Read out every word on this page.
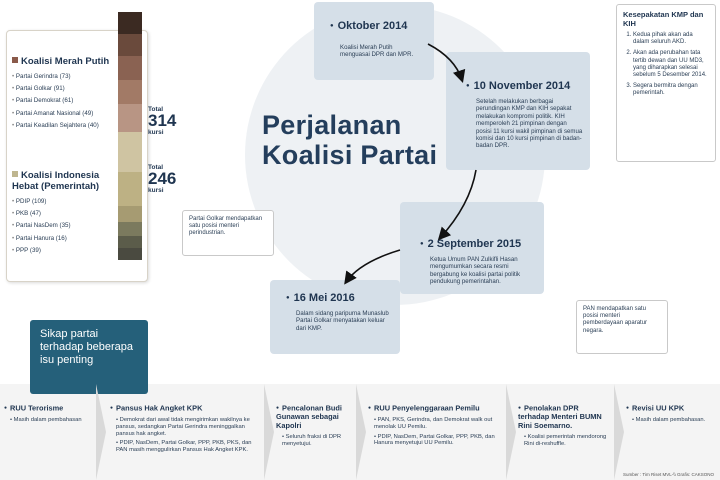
Koalisi Merah Putih
• Partai Gerindra (73)
• Partai Golkar (91)
• Partai Demokrat (61)
• Partai Amanat Nasional (49)
• Partai Keadilan Sejahtera (40)
Koalisi Indonesia Hebat (Pemerintah)
• PDIP (109)
• PKB (47)
• Partai NasDem (35)
• Partai Hanura (16)
• PPP (39)
Total
314
kursi
Total
246
kursi
Perjalanan
Koalisi Partai
● Oktober 2014
Koalisi Merah Putih menguasai DPR dan MPR.
● 10 November 2014
Setelah melakukan berbagai perundingan KMP dan KIH sepakat melakukan kompromi politik. KIH memperoleh 21 pimpinan dengan posisi 11 kursi wakil pimpinan di semua komisi dan 10 kursi pimpinan di badan-badan DPR.
● 2 September 2015
Ketua Umum PAN Zulkifli Hasan mengumumkan secara resmi bergabung ke koalisi partai politik pendukung pemerintahan.
● 16 Mei 2016
Dalam sidang paripurna Munaslub Partai Golkar menyatakan keluar dari KMP.
Kesepakatan KMP dan KIH
1. Kedua pihak akan ada dalam seluruh AKD.
2. Akan ada perubahan tata tertib dewan dan UU MD3, yang diharapkan selesai sebelum 5 Desember 2014.
3. Segera bermitra dengan pemerintah.
Partai Golkar mendapatkan satu posisi menteri perindustrian.
PAN mendapatkan satu posisi menteri pemberdayaan aparatur negara.
Sikap partai terhadap beberapa isu penting
● RUU Terorisme
• Masih dalam pembahasan
● Pansus Hak Angket KPK
• Demokrat dari awal tidak mengirimkan wakilnya ke pansus, sedangkan Partai Gerindra meninggalkan pansus hak angket.
• PDIP, NasDem, Partai Golkar, PPP, PKB, PKS, dan PAN masih menggulirkan Pansus Hak Angket KPK.
● Pencalonan Budi Gunawan sebagai Kapolri
• Seluruh fraksi di DPR menyetujui.
● RUU Penyelenggaraan Pemilu
• PAN, PKS, Gerindra, dan Demokrat walk out menolak UU Pemilu.
• PDIP, NasDem, Partai Golkar, PPP, PKB, dan Hanura menyetujui UU Pemilu.
● Penolakan DPR terhadap Menteri BUMN Rini Soemarno.
• Koalisi pemerintah mendorong Rini di-reshuffle.
● Revisi UU KPK
• Masih dalam pembahasan.
Sumber : Tim Riset MVL-\\ Grafis: CAKSONO
